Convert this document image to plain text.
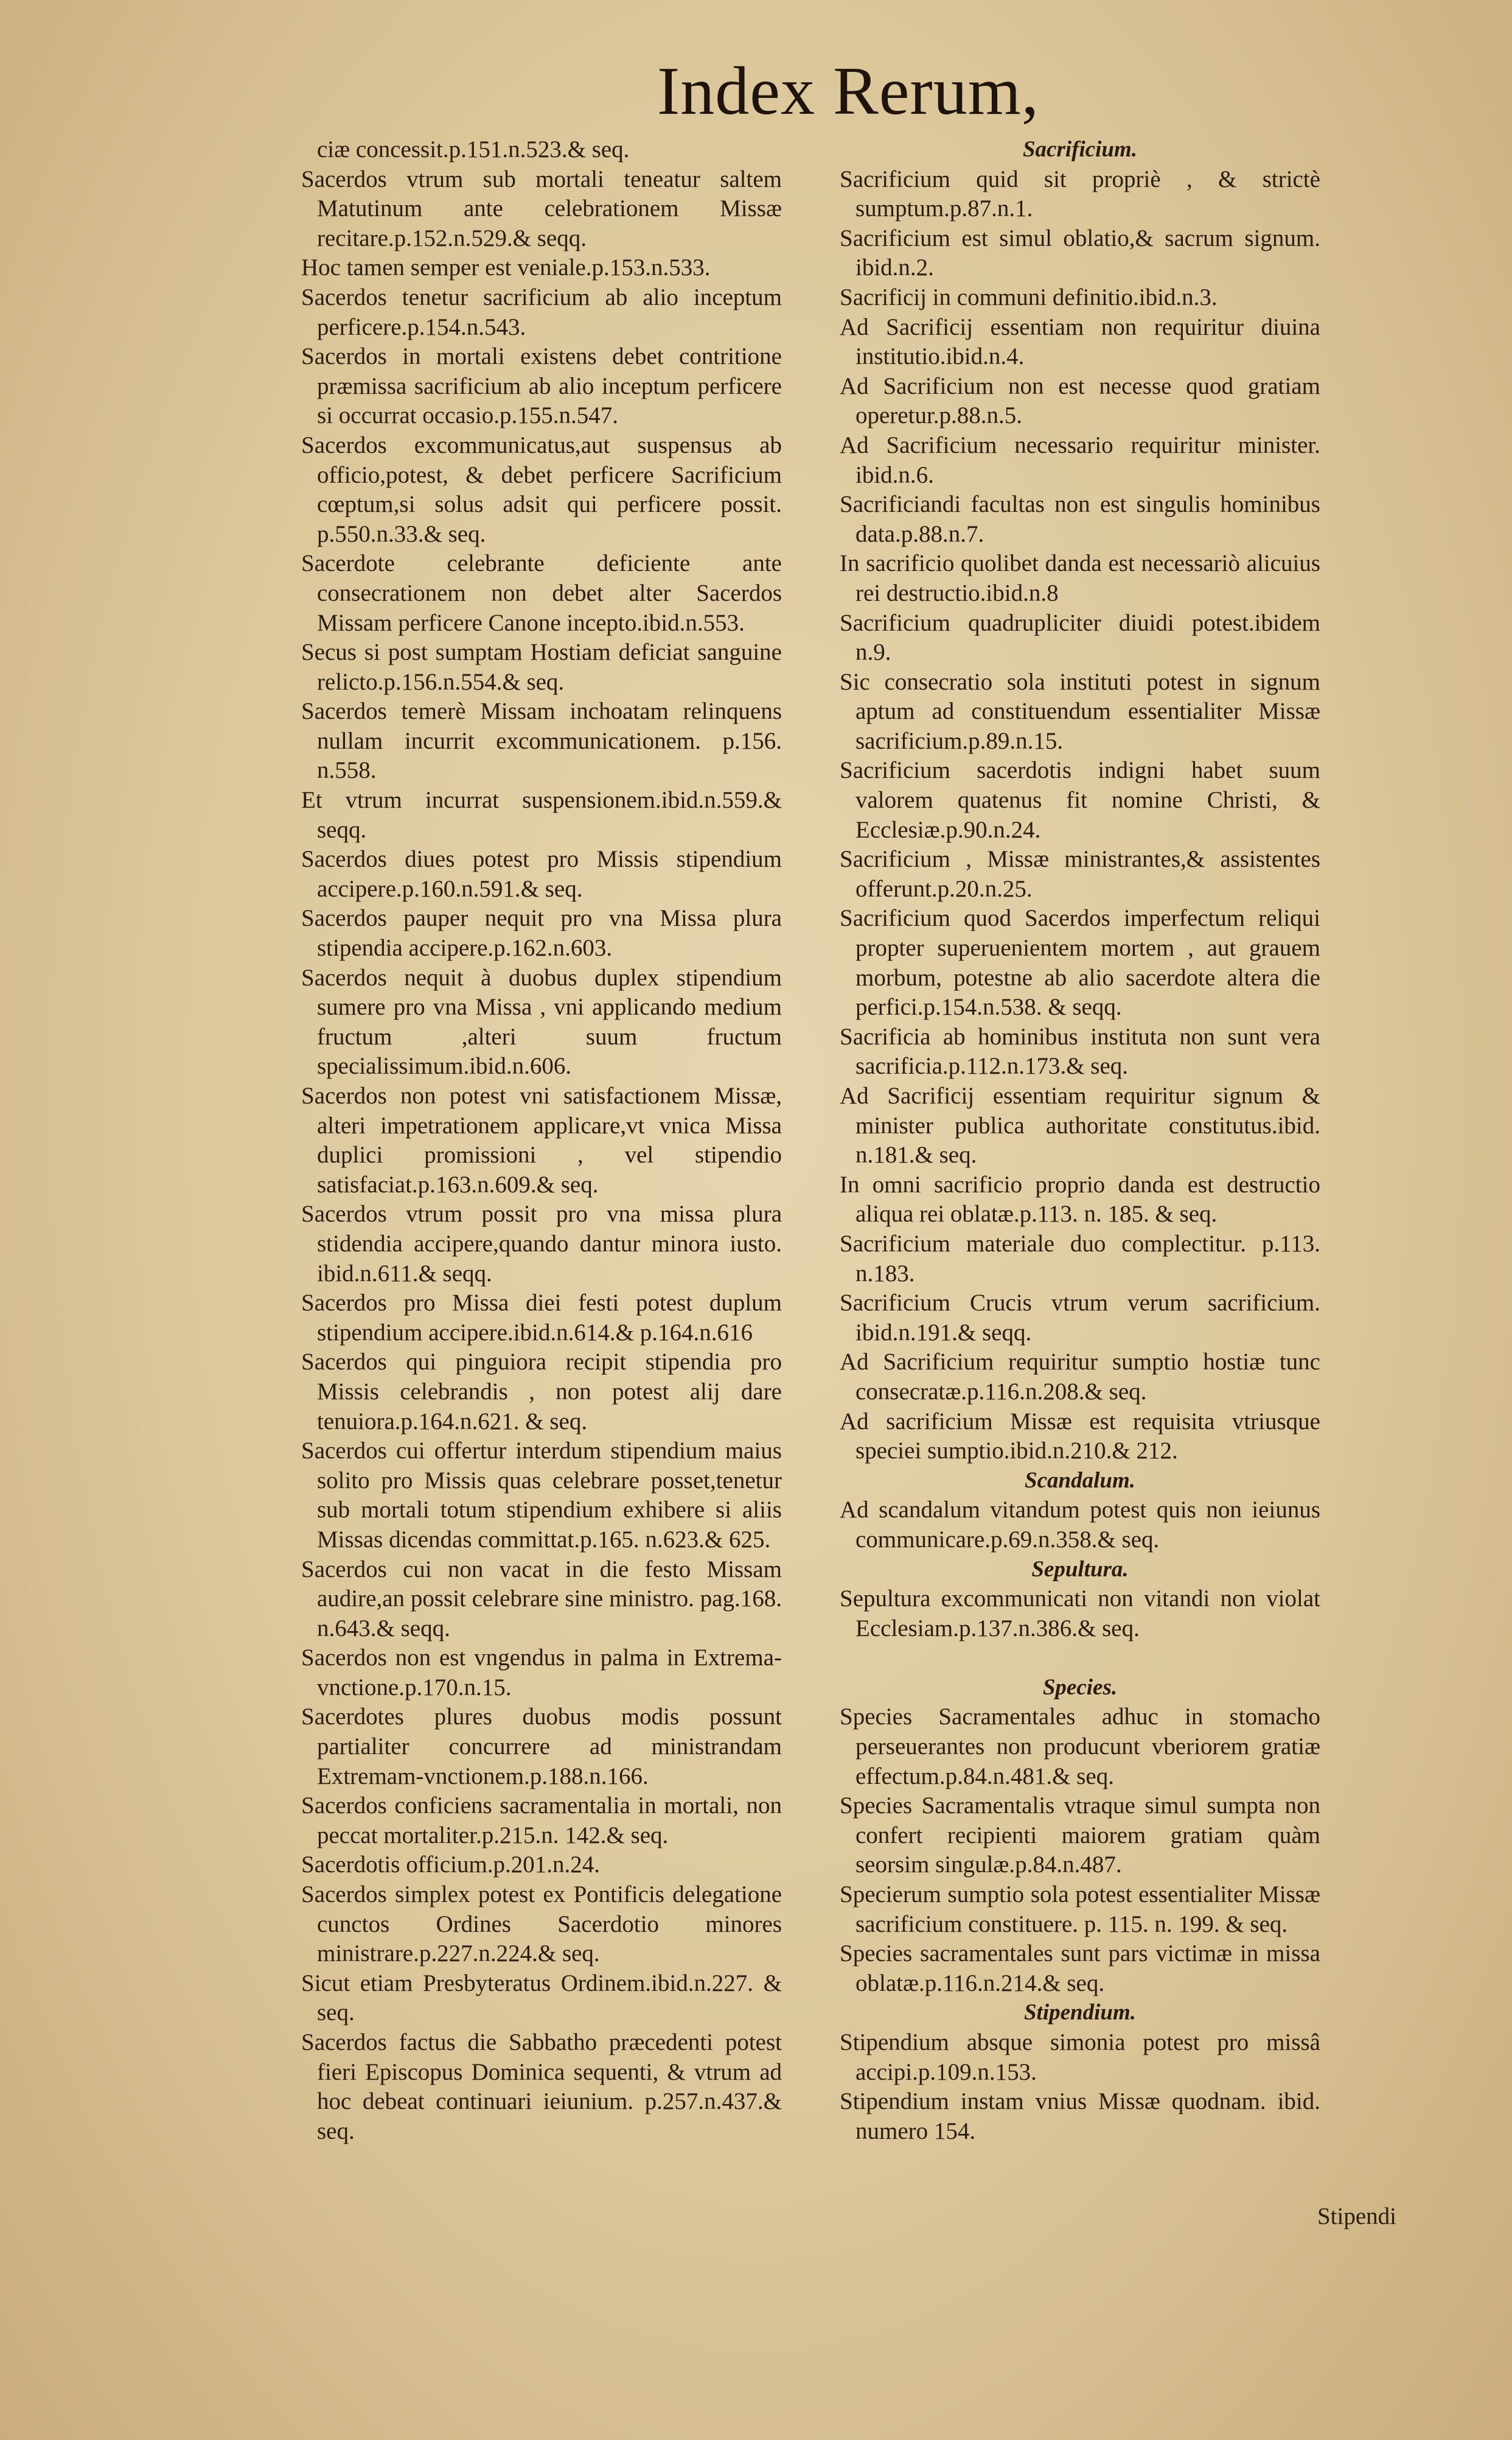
Index Rerum,
ciæ concessit.p.151.n.523.& seq.
Sacerdos vtrum sub mortali teneatur saltem Matutinum ante celebrationem Missæ recitare.p.152.n.529.& seqq.
Hoc tamen semper est veniale.p.153.n.533.
Sacerdos tenetur sacrificium ab alio inceptum perficere.p.154.n.543.
Sacerdos in mortali existens debet contritione præmissa sacrificium ab alio inceptum perficere si occurrat occasio.p.155.n.547.
Sacerdos excommunicatus,aut suspensus ab officio,potest, & debet perficere Sacrificium cœptum,si solus adsit qui perficere possit. p.550.n.33.& seq.
Sacerdote celebrante deficiente ante consecrationem non debet alter Sacerdos Missam perficere Canone incepto.ibid.n.553.
Secus si post sumptam Hostiam deficiat sanguine relicto.p.156.n.554.& seq.
Sacerdos temerè Missam inchoatam relinquens nullam incurrit excommunicationem. p.156. n.558.
Et vtrum incurrat suspensionem.ibid.n.559.& seqq.
Sacerdos diues potest pro Missis stipendium accipere.p.160.n.591.& seq.
Sacerdos pauper nequit pro vna Missa plura stipendia accipere.p.162.n.603.
Sacerdos nequit à duobus duplex stipendium sumere pro vna Missa , vni applicando medium fructum ,alteri suum fructum specialissimum.ibid.n.606.
Sacerdos non potest vni satisfactionem Missæ, alteri impetrationem applicare,vt vnica Missa duplici promissioni , vel stipendio satisfaciat.p.163.n.609.& seq.
Sacerdos vtrum possit pro vna missa plura stidendia accipere,quando dantur minora iusto. ibid.n.611.& seqq.
Sacerdos pro Missa diei festi potest duplum stipendium accipere.ibid.n.614.& p.164.n.616
Sacerdos qui pinguiora recipit stipendia pro Missis celebrandis , non potest alij dare tenuiora.p.164.n.621. & seq.
Sacerdos cui offertur interdum stipendium maius solito pro Missis quas celebrare posset,tenetur sub mortali totum stipendium exhibere si aliis Missas dicendas committat.p.165. n.623.& 625.
Sacerdos cui non vacat in die festo Missam audire,an possit celebrare sine ministro. pag.168. n.643.& seqq.
Sacerdos non est vngendus in palma in Extrema-vnctione.p.170.n.15.
Sacerdotes plures duobus modis possunt partialiter concurrere ad ministrandam Extremam-vnctionem.p.188.n.166.
Sacerdos conficiens sacramentalia in mortali, non peccat mortaliter.p.215.n. 142.& seq.
Sacerdotis officium.p.201.n.24.
Sacerdos simplex potest ex Pontificis delegatione cunctos Ordines Sacerdotio minores ministrare.p.227.n.224.& seq.
Sicut etiam Presbyteratus Ordinem.ibid.n.227. & seq.
Sacerdos factus die Sabbatho præcedenti potest fieri Episcopus Dominica sequenti, & vtrum ad hoc debeat continuari ieiunium. p.257.n.437.& seq.
Sacrificium.
Sacrificium quid sit propriè , & strictè sumptum.p.87.n.1.
Sacrificium est simul oblatio,& sacrum signum. ibid.n.2.
Sacrificij in communi definitio.ibid.n.3.
Ad Sacrificij essentiam non requiritur diuina institutio.ibid.n.4.
Ad Sacrificium non est necesse quod gratiam operetur.p.88.n.5.
Ad Sacrificium necessario requiritur minister. ibid.n.6.
Sacrificiandi facultas non est singulis hominibus data.p.88.n.7.
In sacrificio quolibet danda est necessariò alicuius rei destructio.ibid.n.8
Sacrificium quadrupliciter diuidi potest.ibidem n.9.
Sic consecratio sola instituti potest in signum aptum ad constituendum essentialiter Missæ sacrificium.p.89.n.15.
Sacrificium sacerdotis indigni habet suum valorem quatenus fit nomine Christi, & Ecclesiæ.p.90.n.24.
Sacrificium , Missæ ministrantes,& assistentes offerunt.p.20.n.25.
Sacrificium quod Sacerdos imperfectum reliqui propter superuenientem mortem , aut grauem morbum, potestne ab alio sacerdote altera die perfici.p.154.n.538. & seqq.
Sacrificia ab hominibus instituta non sunt vera sacrificia.p.112.n.173.& seq.
Ad Sacrificij essentiam requiritur signum & minister publica authoritate constitutus.ibid. n.181.& seq.
In omni sacrificio proprio danda est destructio aliqua rei oblatæ.p.113. n. 185. & seq.
Sacrificium materiale duo complectitur. p.113. n.183.
Sacrificium Crucis vtrum verum sacrificium. ibid.n.191.& seqq.
Ad Sacrificium requiritur sumptio hostiæ tunc consecratæ.p.116.n.208.& seq.
Ad sacrificium Missæ est requisita vtriusque speciei sumptio.ibid.n.210.& 212.
Scandalum.
Ad scandalum vitandum potest quis non ieiunus communicare.p.69.n.358.& seq.
Sepultura.
Sepultura excommunicati non vitandi non violat Ecclesiam.p.137.n.386.& seq.
Species.
Species Sacramentales adhuc in stomacho perseuerantes non producunt vberiorem gratiæ effectum.p.84.n.481.& seq.
Species Sacramentalis vtraque simul sumpta non confert recipienti maiorem gratiam quàm seorsim singulæ.p.84.n.487.
Specierum sumptio sola potest essentialiter Missæ sacrificium constituere. p. 115. n. 199. & seq.
Species sacramentales sunt pars victimæ in missa oblatæ.p.116.n.214.& seq.
Stipendium.
Stipendium absque simonia potest pro missâ accipi.p.109.n.153.
Stipendium instam vnius Missæ quodnam. ibid. numero 154.
Stipendi
